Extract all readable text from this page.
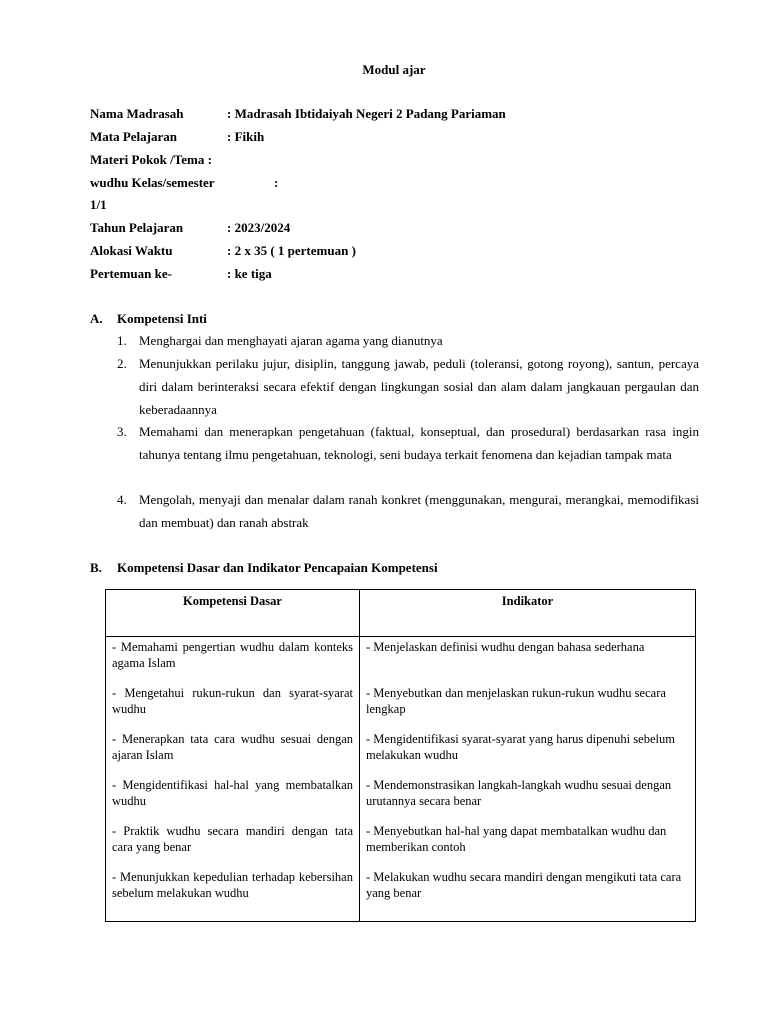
Modul ajar
Nama Madrasah	: Madrasah Ibtidaiyah Negeri 2 Padang Pariaman
Mata Pelajaran	: Fikih
Materi Pokok /Tema :
wudhu Kelas/semester	:
1/1
Tahun Pelajaran	: 2023/2024
Alokasi Waktu	: 2 x 35 ( 1 pertemuan )
Pertemuan ke-	: ke tiga
A. Kompetensi Inti
1. Menghargai dan menghayati ajaran agama yang dianutnya
2. Menunjukkan perilaku jujur, disiplin, tanggung jawab, peduli (toleransi, gotong royong), santun, percaya diri dalam berinteraksi secara efektif dengan lingkungan sosial dan alam dalam jangkauan pergaulan dan keberadaannya
3. Memahami dan menerapkan pengetahuan (faktual, konseptual, dan prosedural) berdasarkan rasa ingin tahunya tentang ilmu pengetahuan, teknologi, seni budaya terkait fenomena dan kejadian tampak mata
4. Mengolah, menyaji dan menalar dalam ranah konkret (menggunakan, mengurai, merangkai, memodifikasi dan membuat) dan ranah abstrak
B. Kompetensi Dasar dan Indikator Pencapaian Kompetensi
Kompetensi Dasar	Indikator
- Memahami pengertian wudhu dalam konteks agama Islam	- Menjelaskan definisi wudhu dengan bahasa sederhana
- Mengetahui rukun-rukun dan syarat-syarat wudhu	- Menyebutkan dan menjelaskan rukun-rukun wudhu secara lengkap
- Menerapkan tata cara wudhu sesuai dengan ajaran Islam	- Mengidentifikasi syarat-syarat yang harus dipenuhi sebelum melakukan wudhu
- Mengidentifikasi hal-hal yang membatalkan wudhu	- Mendemonstrasikan langkah-langkah wudhu sesuai dengan urutannya secara benar
- Praktik wudhu secara mandiri dengan tata cara yang benar	- Menyebutkan hal-hal yang dapat membatalkan wudhu dan memberikan contoh
- Menunjukkan kepedulian terhadap kebersihan sebelum melakukan wudhu	- Melakukan wudhu secara mandiri dengan mengikuti tata cara yang benar
